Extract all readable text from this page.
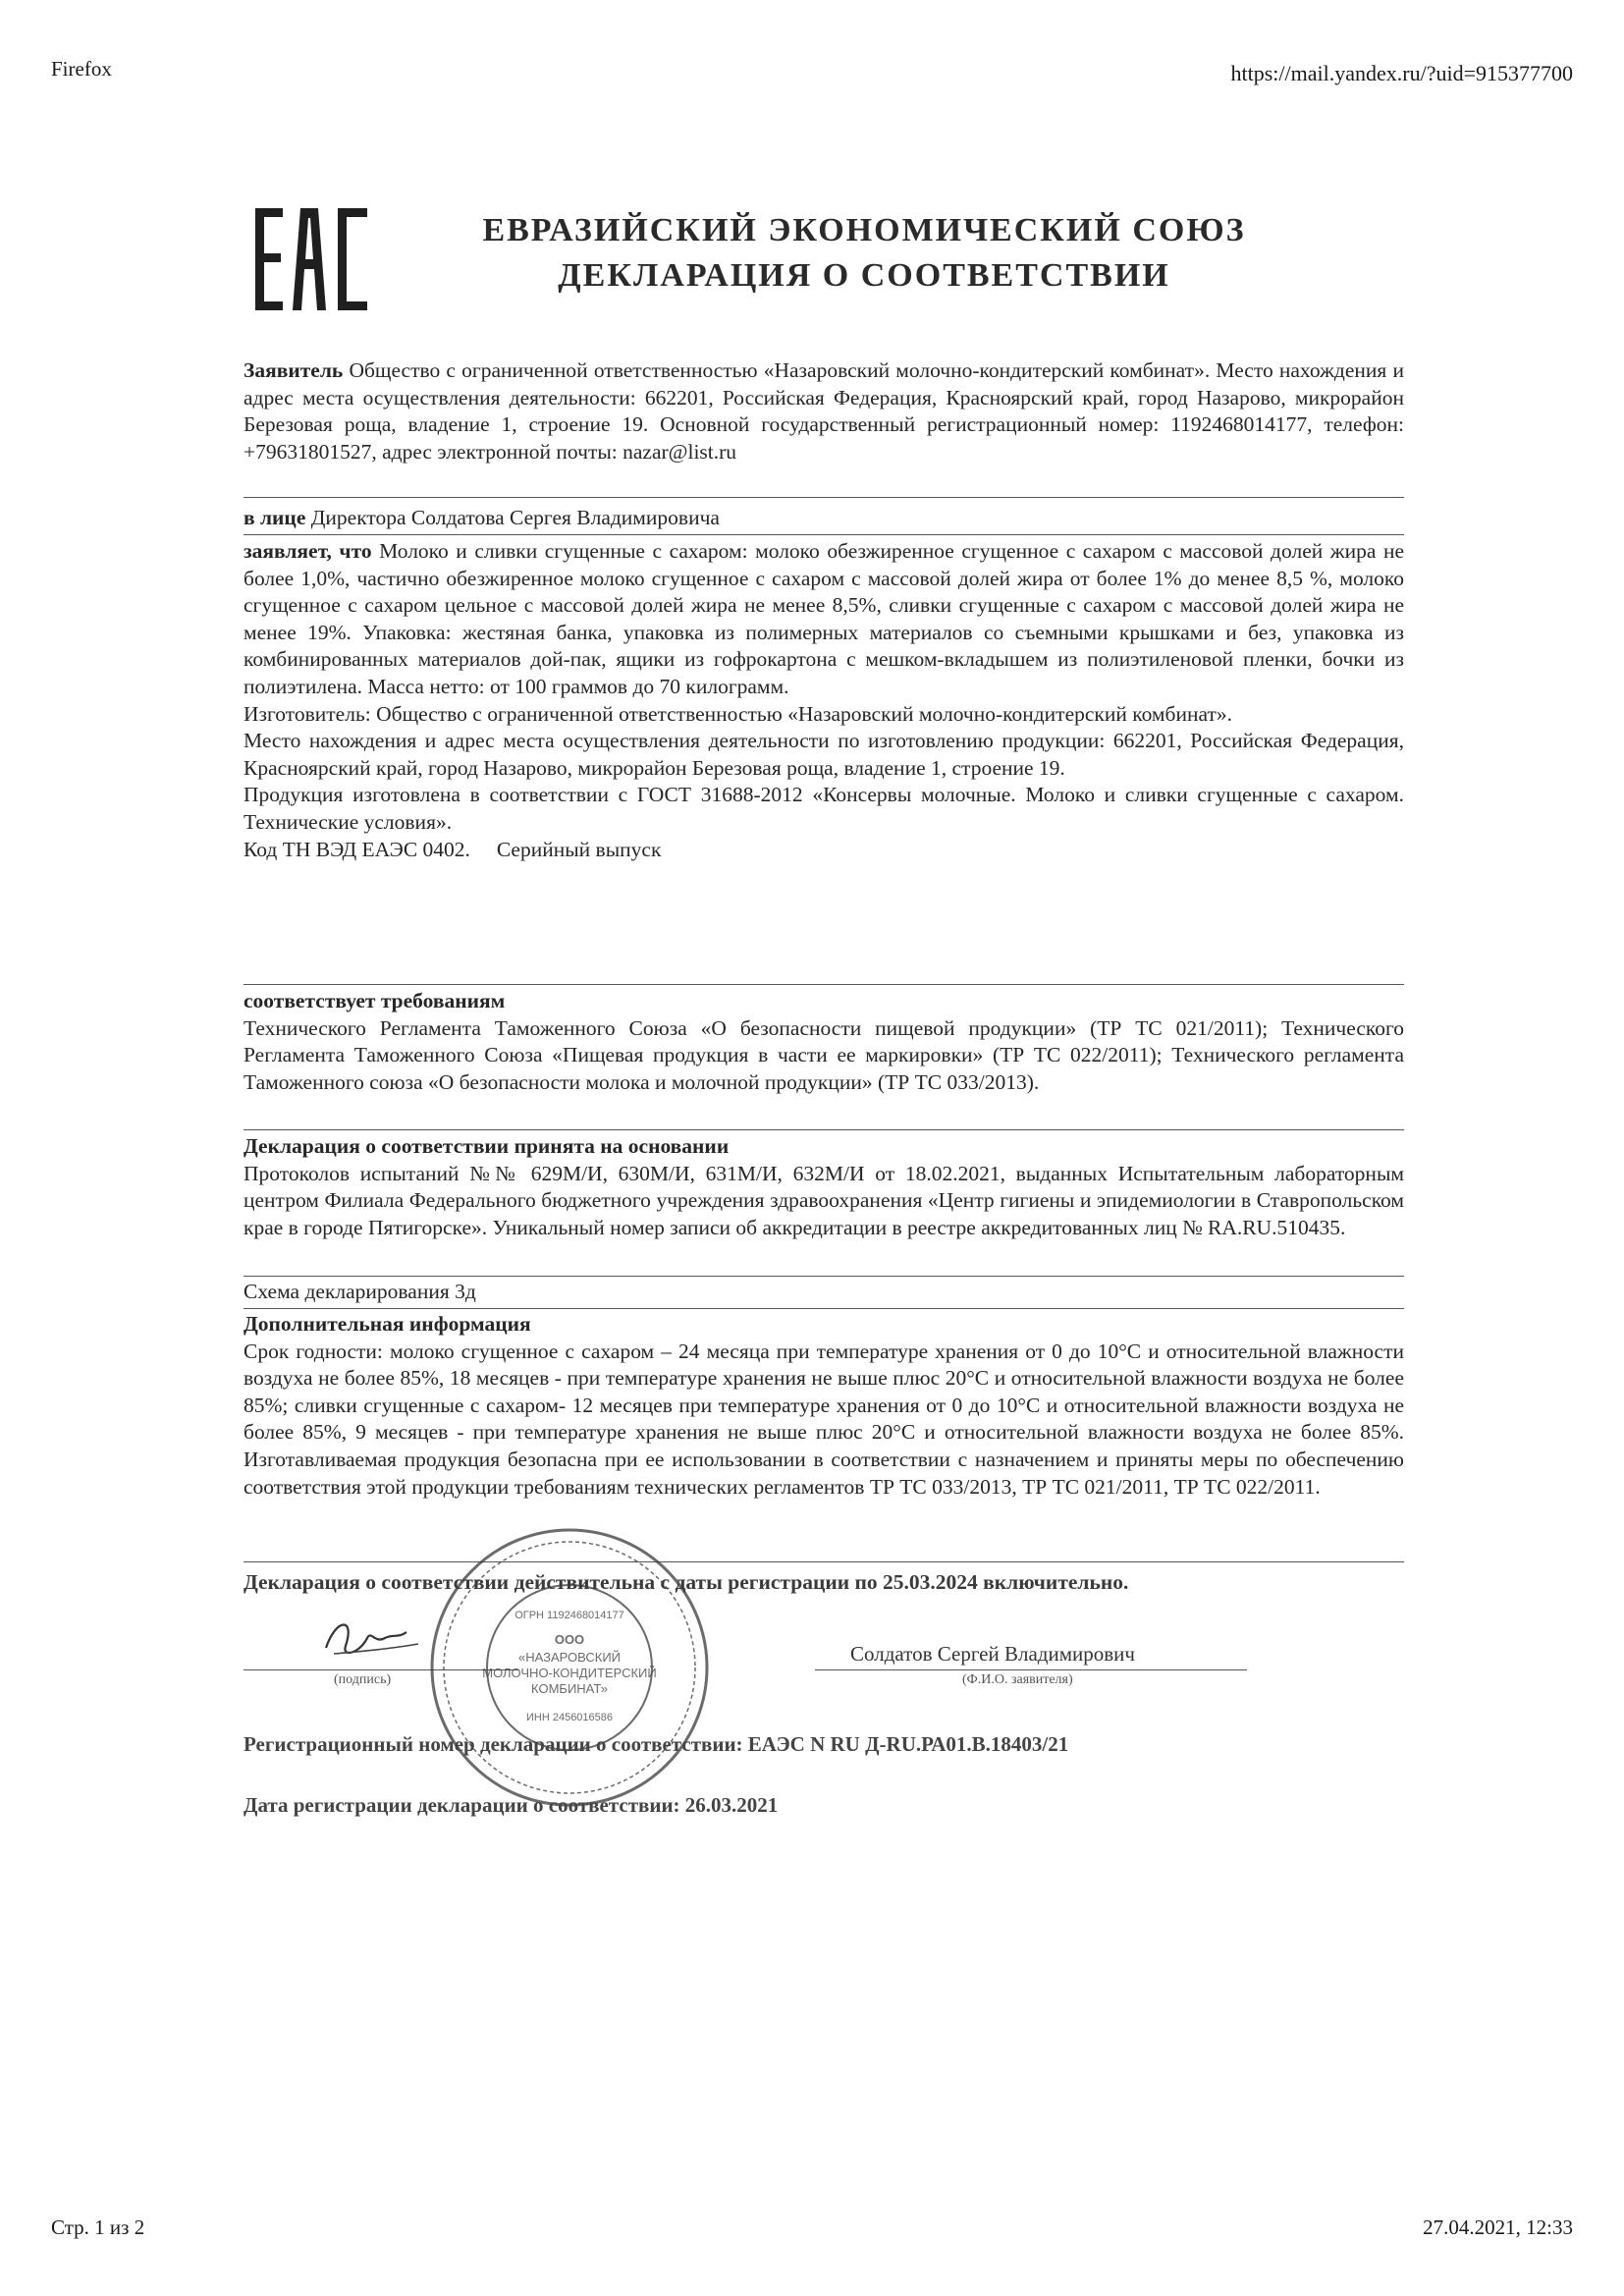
Firefox	https://mail.yandex.ru/?uid=915377700
Стр. 1 из 2	27.04.2021, 12:33
ЕВРАЗИЙСКИЙ ЭКОНОМИЧЕСКИЙ СОЮЗ
ДЕКЛАРАЦИЯ О СООТВЕТСТВИИ

Заявитель Общество с ограниченной ответственностью «Назаровский молочно-кондитерский комбинат». Место нахождения и адрес места осуществления деятельности: 662201, Российская Федерация, Красноярский край, город Назарово, микрорайон Березовая роща, владение 1, строение 19. Основной государственный регистрационный номер: 1192468014177, телефон: +79631801527, адрес электронной почты: nazar@list.ru

в лице Директора Солдатова Сергея Владимировича

заявляет, что Молоко и сливки сгущенные с сахаром: молоко обезжиренное сгущенное с сахаром с массовой долей жира не более 1,0%, частично обезжиренное молоко сгущенное с сахаром с массовой долей жира от более 1% до менее 8,5 %, молоко сгущенное с сахаром цельное с массовой долей жира не менее 8,5%, сливки сгущенные с сахаром с массовой долей жира не менее 19%. Упаковка: жестяная банка, упаковка из полимерных материалов со съемными крышками и без, упаковка из комбинированных материалов дой-пак, ящики из гофрокартона с мешком-вкладышем из полиэтиленовой пленки, бочки из полиэтилена. Масса нетто: от 100 граммов до 70 килограмм.

Изготовитель: Общество с ограниченной ответственностью «Назаровский молочно-кондитерский комбинат».

Место нахождения и адрес места осуществления деятельности по изготовлению продукции: 662201, Российская Федерация, Красноярский край, город Назарово, микрорайон Березовая роща, владение 1, строение 19.

Продукция изготовлена в соответствии с ГОСТ 31688-2012 «Консервы молочные. Молоко и сливки сгущенные с сахаром. Технические условия».

Код ТН ВЭД ЕАЭС 0402. Серийный выпуск

соответствует требованиям

Технического Регламента Таможенного Союза «О безопасности пищевой продукции» (ТР ТС 021/2011); Технического Регламента Таможенного Союза «Пищевая продукция в части ее маркировки» (ТР ТС 022/2011); Технического регламента Таможенного союза «О безопасности молока и молочной продукции» (ТР ТС 033/2013).

Декларация о соответствии принята на основании

Протоколов испытаний №№ 629М/И, 630М/И, 631М/И, 632М/И от 18.02.2021, выданных Испытательным лабораторным центром Филиала Федерального бюджетного учреждения здравоохранения «Центр гигиены и эпидемиологии в Ставропольском крае в городе Пятигорске». Уникальный номер записи об аккредитации в реестре аккредитованных лиц № RA.RU.510435.

Схема декларирования 3д

Дополнительная информация

Срок годности: молоко сгущенное с сахаром – 24 месяца при температуре хранения от 0 до 10°С и относительной влажности воздуха не более 85%, 18 месяцев - при температуре хранения не выше плюс 20°С и относительной влажности воздуха не более 85%; сливки сгущенные с сахаром- 12 месяцев при температуре хранения от 0 до 10°С и относительной влажности воздуха не более 85%, 9 месяцев - при температуре хранения не выше плюс 20°С и относительной влажности воздуха не более 85%. Изготавливаемая продукция безопасна при ее использовании в соответствии с назначением и приняты меры по обеспечению соответствия этой продукции требованиям технических регламентов ТР ТС 033/2013, ТР ТС 021/2011, ТР ТС 022/2011.

Декларация о соответствии действительна с даты регистрации по 25.03.2024 включительно.
(подпись)
Солдатов Сергей Владимирович
(Ф.И.О. заявителя)
ООО
«НАЗАРОВСКИЙ
МОЛОЧНО-КОНДИТЕРСКИЙ
КОМБИНАТ»
ОГРН 1192468014177
ИНН 2456016586
Регистрационный номер декларации о соответствии: ЕАЭС N RU Д-RU.РА01.В.18403/21
Дата регистрации декларации о соответствии: 26.03.2021
